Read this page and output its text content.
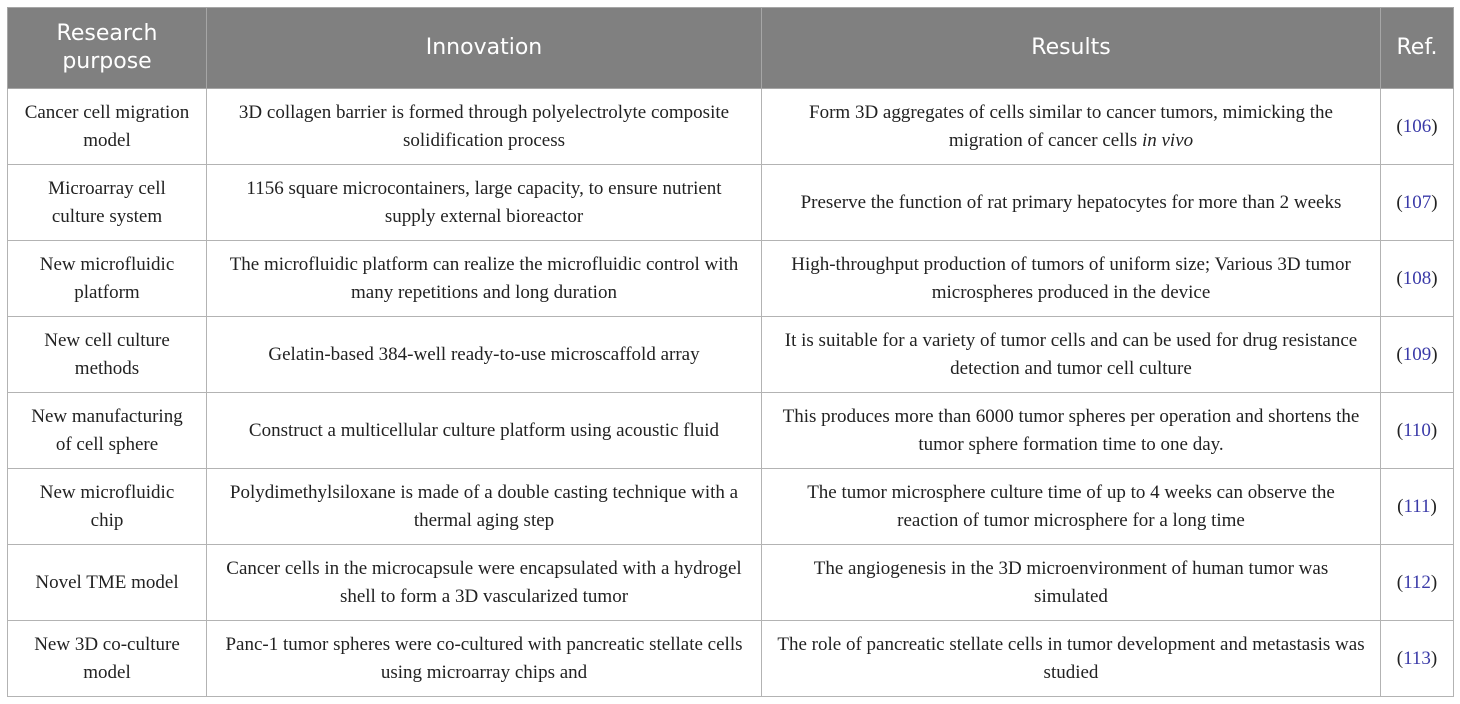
Research purpose	Innovation	Results	Ref.
Cancer cell migration model	3D collagen barrier is formed through polyelectrolyte composite solidification process	Form 3D aggregates of cells similar to cancer tumors, mimicking the migration of cancer cells in vivo	(106)
Microarray cell culture system	1156 square microcontainers, large capacity, to ensure nutrient supply external bioreactor	Preserve the function of rat primary hepatocytes for more than 2 weeks	(107)
New microfluidic platform	The microfluidic platform can realize the microfluidic control with many repetitions and long duration	High-throughput production of tumors of uniform size; Various 3D tumor microspheres produced in the device	(108)
New cell culture methods	Gelatin-based 384-well ready-to-use microscaffold array	It is suitable for a variety of tumor cells and can be used for drug resistance detection and tumor cell culture	(109)
New manufacturing of cell sphere	Construct a multicellular culture platform using acoustic fluid	This produces more than 6000 tumor spheres per operation and shortens the tumor sphere formation time to one day.	(110)
New microfluidic chip	Polydimethylsiloxane is made of a double casting technique with a thermal aging step	The tumor microsphere culture time of up to 4 weeks can observe the reaction of tumor microsphere for a long time	(111)
Novel TME model	Cancer cells in the microcapsule were encapsulated with a hydrogel shell to form a 3D vascularized tumor	The angiogenesis in the 3D microenvironment of human tumor was simulated	(112)
New 3D co-culture model	Panc-1 tumor spheres were co-cultured with pancreatic stellate cells using microarray chips and	The role of pancreatic stellate cells in tumor development and metastasis was studied	(113)
